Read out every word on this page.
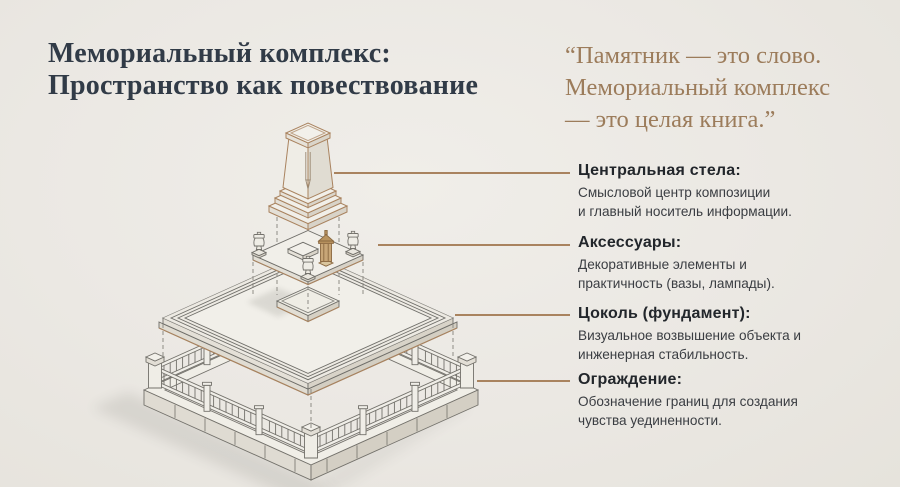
Мемориальный комплекс:
Пространство как повествование
“Памятник — это слово.
Мемориальный комплекс
— это целая книга.”
Центральная стела:

Смысловой центр композиции
и главный носитель информации.

Аксессуары:

Декоративные элементы и
практичность (вазы, лампады).

Цоколь (фундамент):

Визуальное возвышение объекта и
инженерная стабильность.

Ограждение:

Обозначение границ для создания
чувства уединенности.
